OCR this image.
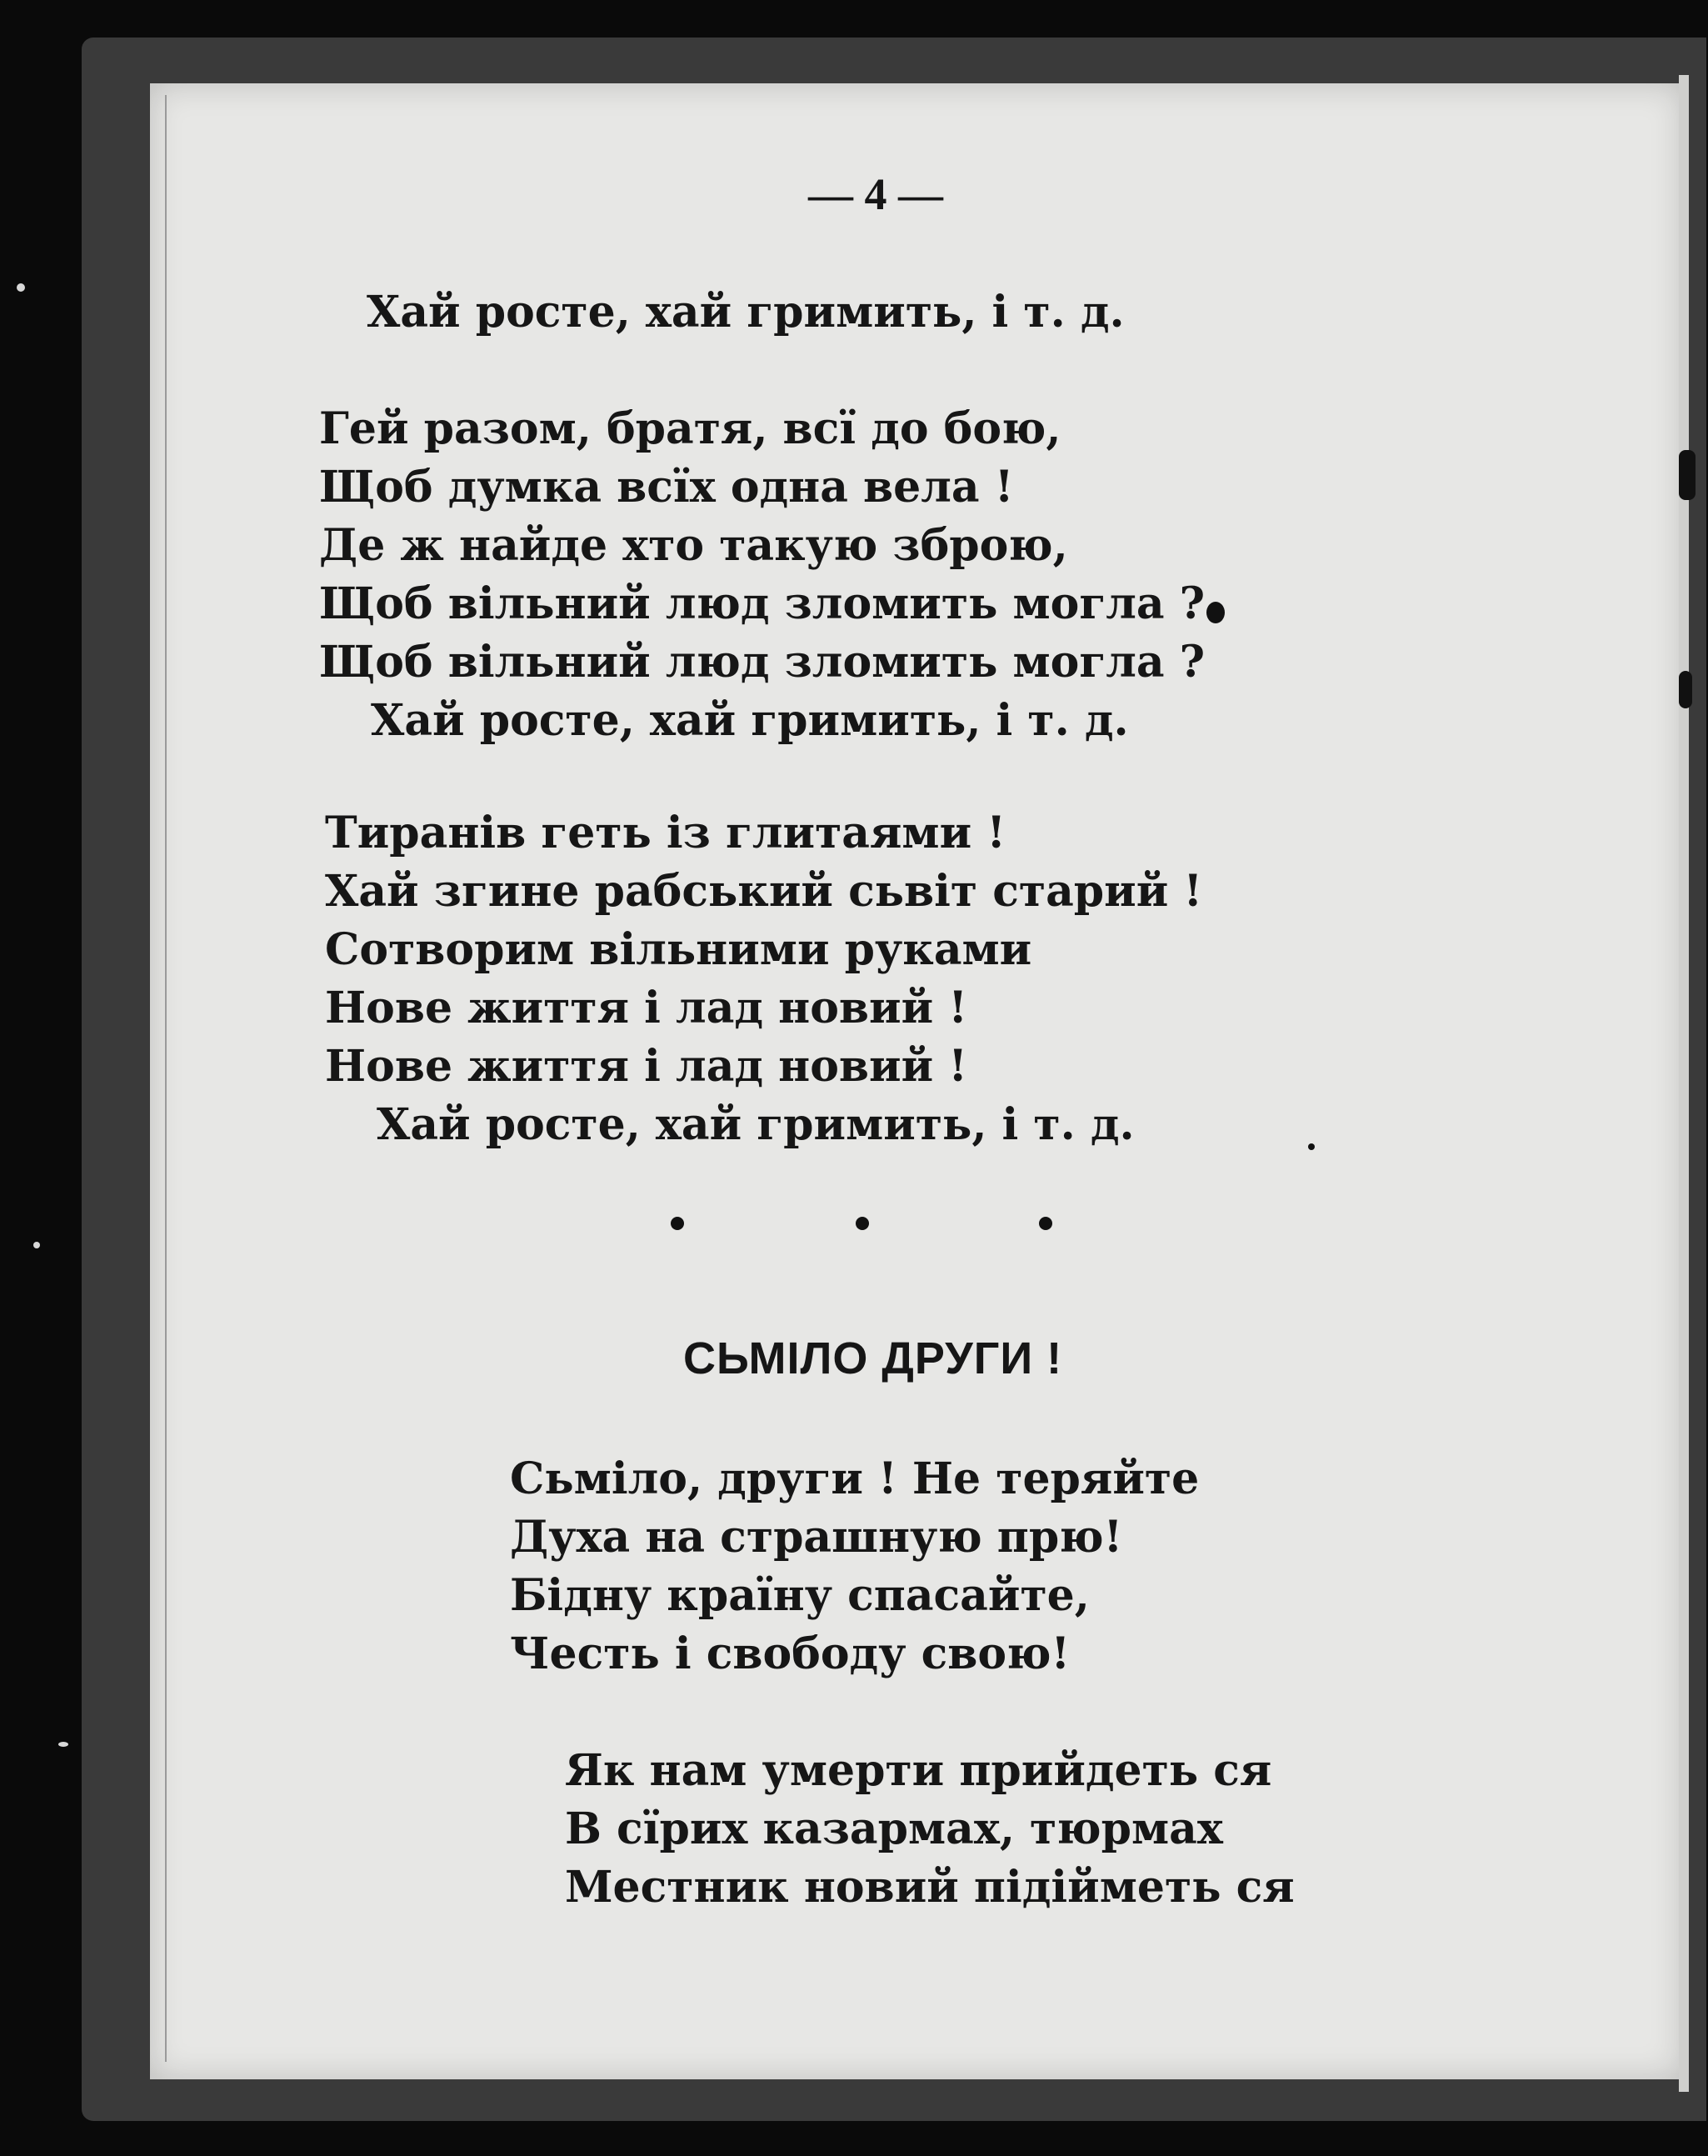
— 4 —

Хай росте, хай гримить, і т. д.

Гей разом, братя, всї до бою,
Щоб думка всїх одна вела !
Де ж найде хто такую зброю,
Щоб вільний люд зломить могла ?
Щоб вільний люд зломить могла ?
Хай росте, хай гримить, і т. д.
Тиранів геть із глитаями !
Хай згине рабський сьвіт старий !
Сотворим вільними руками
Нове життя і лад новий !
Нове життя і лад новий !
Хай росте, хай гримить, і т. д.

СЬМІЛО ДРУГИ !

Сьміло, други ! Не теряйте
Духа на страшную прю!
Бідну країну спасайте,
Честь і свободу свою!
Як нам умерти прийдеть ся
В сїрих казармах, тюрмах
Местник новий підійметь ся
